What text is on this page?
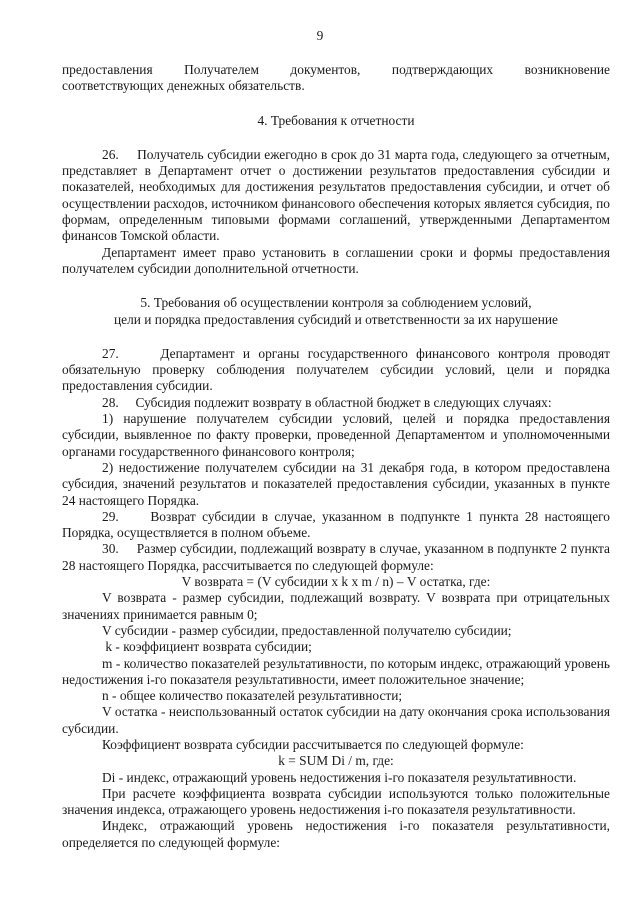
9

предоставления Получателем документов, подтверждающих возникновение

соответствующих денежных обязательств.

4. Требования к отчетности

26.     Получатель субсидии ежегодно в срок до 31 марта года, следующего за отчетным, представляет в Департамент отчет о достижении результатов предоставления субсидии и показателей, необходимых для достижения результатов предоставления субсидии, и отчет об осуществлении расходов, источником финансового обеспечения которых является субсидия, по формам, определенным типовыми формами соглашений, утвержденными Департаментом финансов Томской области.

Департамент имеет право установить в соглашении сроки и формы предоставления получателем субсидии дополнительной отчетности.

5. Требования об осуществлении контроля за соблюдением условий,

цели и порядка предоставления субсидий и ответственности за их нарушение

27.     Департамент и органы государственного финансового контроля проводят обязательную проверку соблюдения получателем субсидии условий, цели и порядка предоставления субсидии.

28.     Субсидия подлежит возврату в областной бюджет в следующих случаях:

1) нарушение получателем субсидии условий, целей и порядка предоставления субсидии, выявленное по факту проверки, проведенной Департаментом и уполномоченными органами государственного финансового контроля;

2) недостижение получателем субсидии на 31 декабря года, в котором предоставлена субсидия, значений результатов и показателей предоставления субсидии, указанных в пункте 24 настоящего Порядка.

29.     Возврат субсидии в случае, указанном в подпункте 1 пункта 28 настоящего Порядка, осуществляется в полном объеме.

30.     Размер субсидии, подлежащий возврату в случае, указанном в подпункте 2 пункта 28 настоящего Порядка, рассчитывается по следующей формуле:

V возврата = (V субсидии x k x m / n) – V остатка, где:

V возврата - размер субсидии, подлежащий возврату. V возврата при отрицательных значениях принимается равным 0;

V субсидии - размер субсидии, предоставленной получателю субсидии;

k - коэффициент возврата субсидии;

m - количество показателей результативности, по которым индекс, отражающий уровень недостижения i-го показателя результативности, имеет положительное значение;

n - общее количество показателей результативности;

V остатка - неиспользованный остаток субсидии на дату окончания срока использования субсидии.

Коэффициент возврата субсидии рассчитывается по следующей формуле:

k = SUM Di / m, где:

Di - индекс, отражающий уровень недостижения i-го показателя результативности.

При расчете коэффициента возврата субсидии используются только положительные значения индекса, отражающего уровень недостижения i-го показателя результативности.

Индекс, отражающий уровень недостижения i-го показателя результативности, определяется по следующей формуле:
